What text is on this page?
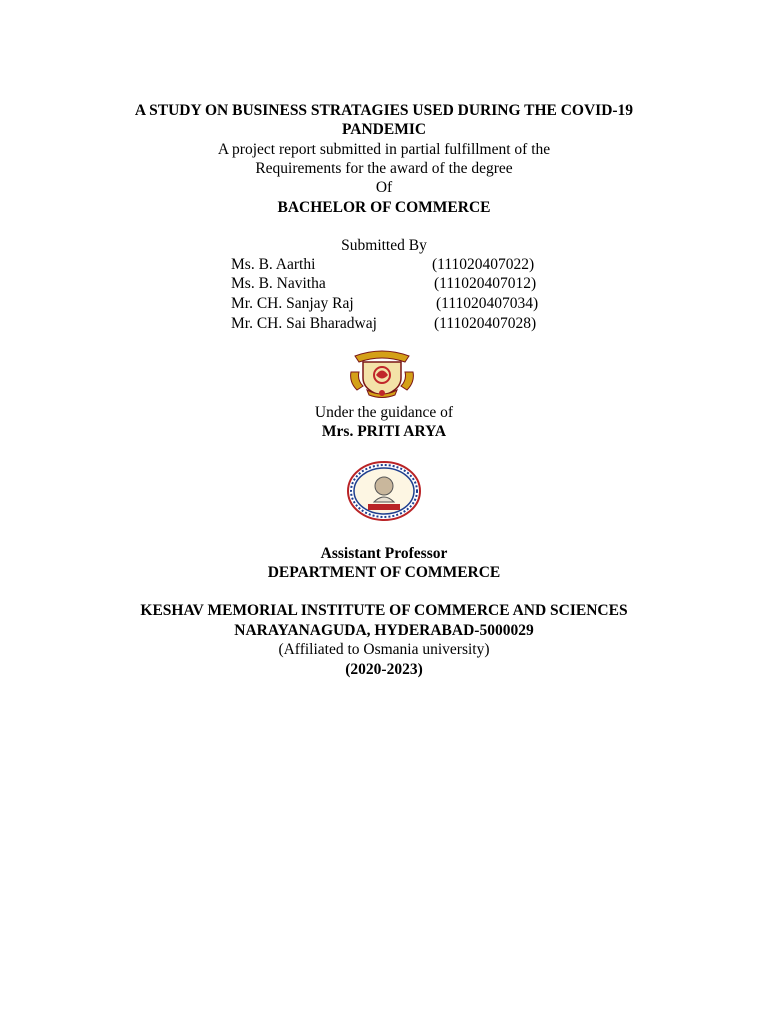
A STUDY ON BUSINESS STRATAGIES USED DURING THE COVID-19
PANDEMIC
A project report submitted in partial fulfillment of the
Requirements for the award of the degree
Of
BACHELOR OF COMMERCE
Submitted By
Ms. B. Aarthi	(111020407022)
Ms. B. Navitha	(111020407012)
Mr. CH. Sanjay Raj	(111020407034)
Mr. CH. Sai Bharadwaj	(111020407028)
Under the guidance of
Mrs. PRITI ARYA
Assistant Professor
DEPARTMENT OF COMMERCE
KESHAV MEMORIAL INSTITUTE OF COMMERCE AND SCIENCES
NARAYANAGUDA, HYDERABAD-5000029
(Affiliated to Osmania university)
(2020-2023)
